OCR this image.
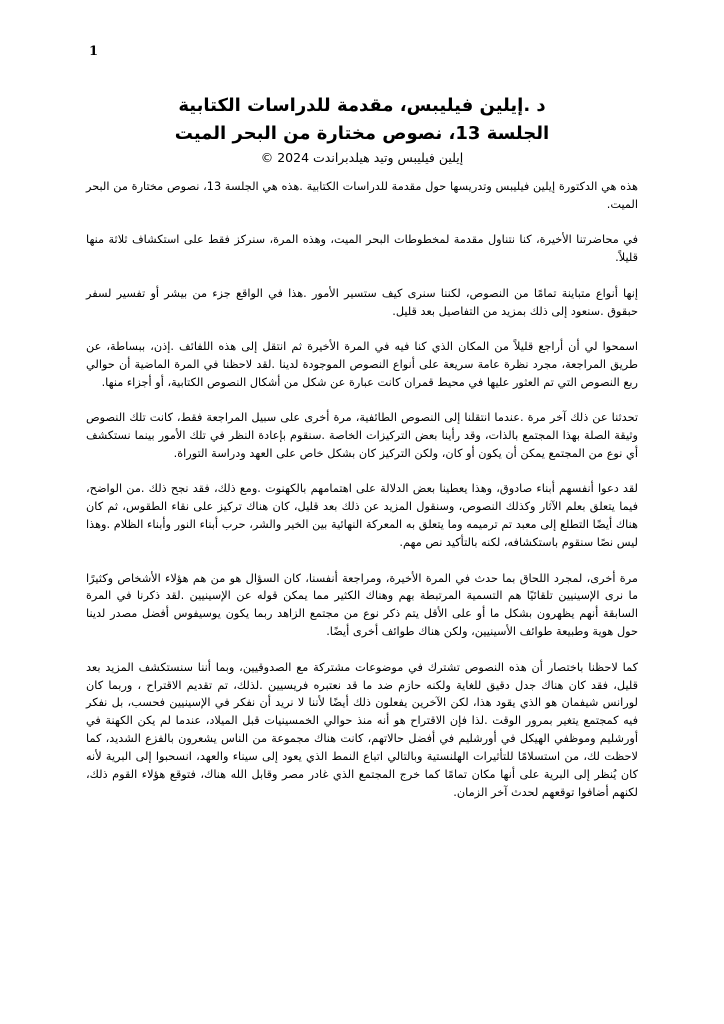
1
د .إيلين فيليبس، مقدمة للدراسات الكتابية
الجلسة 13، نصوص مختارة من البحر الميت
إيلين فيليبس وتيد هيلدبراندت 2024 ©

هذه هي الدكتورة إيلين فيليبس وتدريسها حول مقدمة للدراسات الكتابية .هذه هي الجلسة 13، نصوص مختارة من البحر الميت.

في محاضرتنا الأخيرة، كنا نتناول مقدمة لمخطوطات البحر الميت، وهذه المرة، سنركز فقط على استكشاف ثلاثة منها قليلاً.

إنها أنواع متباينة تمامًا من النصوص، لكننا سنرى كيف ستسير الأمور .هذا في الواقع جزء من بيشر أو تفسير لسفر حبقوق .سنعود إلى ذلك بمزيد من التفاصيل بعد قليل.

اسمحوا لي أن أراجع قليلاً من المكان الذي كنا فيه في المرة الأخيرة ثم انتقل إلى هذه اللفائف .إذن، ببساطة، عن طريق المراجعة، مجرد نظرة عامة سريعة على أنواع النصوص الموجودة لدينا .لقد لاحظنا في المرة الماضية أن حوالي ربع النصوص التي تم العثور عليها في محيط قمران كانت عبارة عن شكل من أشكال النصوص الكتابية، أو أجزاء منها.

تحدثنا عن ذلك آخر مرة .عندما انتقلنا إلى النصوص الطائفية، مرة أخرى على سبيل المراجعة فقط، كانت تلك النصوص وثيقة الصلة بهذا المجتمع بالذات، وقد رأينا بعض التركيزات الخاصة .سنقوم بإعادة النظر في تلك الأمور بينما نستكشف أي نوع من المجتمع يمكن أن يكون أو كان، ولكن التركيز كان بشكل خاص على العهد ودراسة التوراة.

لقد دعوا أنفسهم أبناء صادوق، وهذا يعطينا بعض الدلالة على اهتمامهم بالكهنوت .ومع ذلك، فقد نجح ذلك .من الواضح، فيما يتعلق بعلم الآثار وكذلك النصوص، وسنقول المزيد عن ذلك بعد قليل، كان هناك تركيز على نقاء الطقوس، ثم كان هناك أيضًا التطلع إلى معبد تم ترميمه وما يتعلق به المعركة النهائية بين الخير والشر، حرب أبناء النور وأبناء الظلام .وهذا ليس نصًا سنقوم باستكشافه، لكنه بالتأكيد نص مهم.

مرة أخرى، لمجرد اللحاق بما حدث في المرة الأخيرة، ومراجعة أنفسنا، كان السؤال هو من هم هؤلاء الأشخاص وكثيرًا ما نرى الإسينيين تلقائيًا هم التسمية المرتبطة بهم وهناك الكثير مما يمكن قوله عن الإسينيين .لقد ذكرنا في المرة السابقة أنهم يظهرون بشكل ما أو على الأقل يتم ذكر نوع من مجتمع الزاهد ربما يكون يوسيفوس أفضل مصدر لدينا حول هوية وطبيعة طوائف الأسينيين، ولكن هناك طوائف أخرى أيضًا.

كما لاحظنا باختصار أن هذه النصوص تشترك في موضوعات مشتركة مع الصدوقيين، وبما أننا سنستكشف المزيد بعد قليل، فقد كان هناك جدل دقيق للغاية ولكنه حازم ضد ما قد نعتبره فريسيين .لذلك، تم تقديم الاقتراح ، وربما كان لورانس شيفمان هو الذي يقود هذا، لكن الآخرين يفعلون ذلك أيضًا لأننا لا نريد أن نفكر في الإسينيين فحسب، بل نفكر فيه كمجتمع يتغير بمرور الوقت .لذا فإن الاقتراح هو أنه منذ حوالي الخمسينيات قبل الميلاد، عندما لم يكن الكهنة في أورشليم وموظفي الهيكل في أورشليم في أفضل حالاتهم، كانت هناك مجموعة من الناس يشعرون بالفزع الشديد، كما لاحظت لك، من استسلامًا للتأثيرات الهلنستية وبالتالي اتباع النمط الذي يعود إلى سيناء والعهد، انسحبوا إلى البرية لأنه كان يُنظر إلى البرية على أنها مكان تمامًا كما خرج المجتمع الذي غادر مصر وقابل الله هناك، فتوقع هؤلاء القوم ذلك، لكنهم أضافوا توقعهم لحدث آخر الزمان.
